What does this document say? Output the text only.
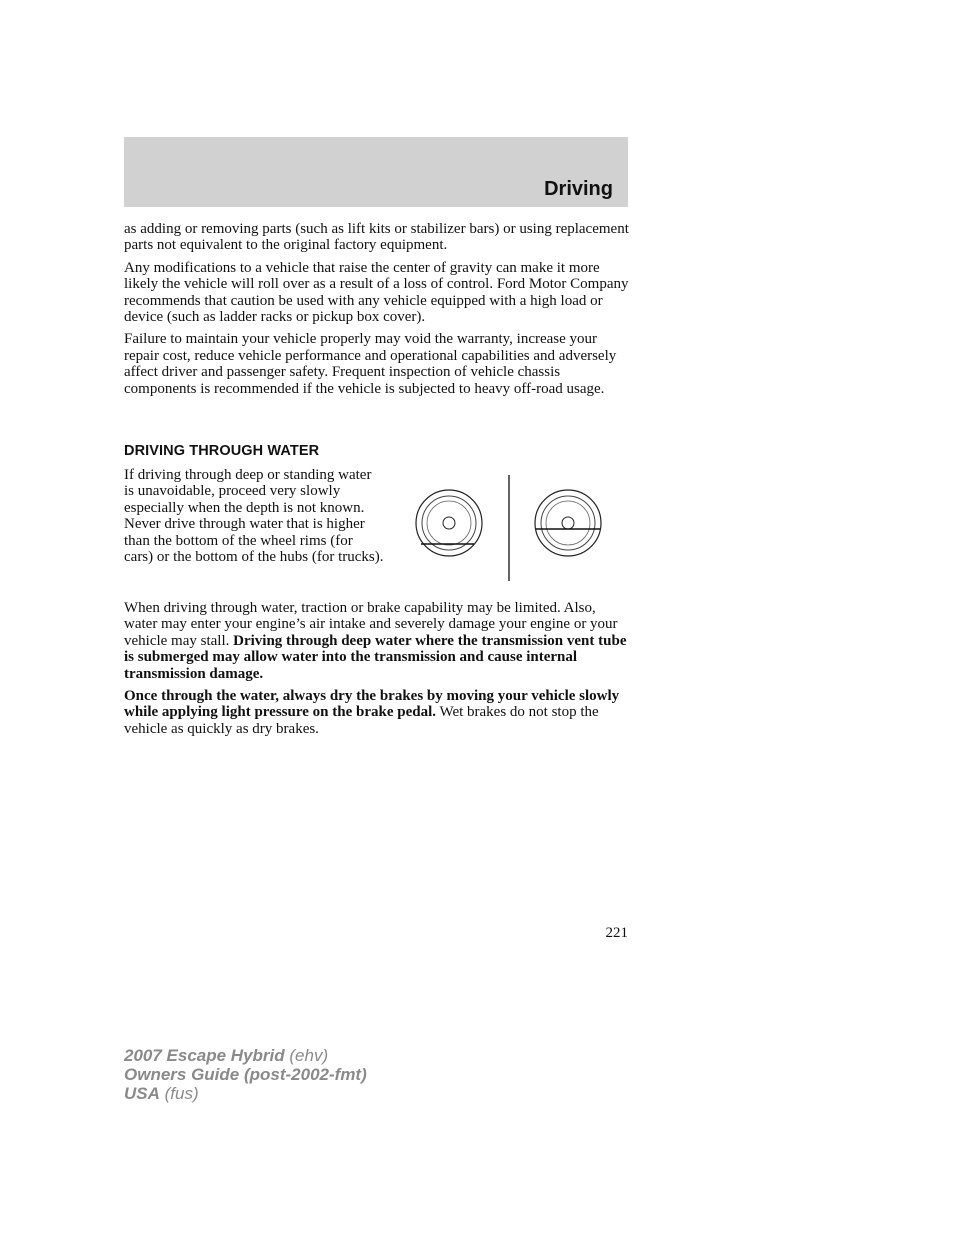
Driving

as adding or removing parts (such as lift kits or stabilizer bars) or using replacement parts not equivalent to the original factory equipment.

Any modifications to a vehicle that raise the center of gravity can make it more likely the vehicle will roll over as a result of a loss of control. Ford Motor Company recommends that caution be used with any vehicle equipped with a high load or device (such as ladder racks or pickup box cover).

Failure to maintain your vehicle properly may void the warranty, increase your repair cost, reduce vehicle performance and operational capabilities and adversely affect driver and passenger safety. Frequent inspection of vehicle chassis components is recommended if the vehicle is subjected to heavy off-road usage.

DRIVING THROUGH WATER
If driving through deep or standing water is unavoidable, proceed very slowly especially when the depth is not known. Never drive through water that is higher than the bottom of the wheel rims (for cars) or the bottom of the hubs (for trucks).

When driving through water, traction or brake capability may be limited. Also, water may enter your engine’s air intake and severely damage your engine or your vehicle may stall. Driving through deep water where the transmission vent tube is submerged may allow water into the transmission and cause internal transmission damage.

Once through the water, always dry the brakes by moving your vehicle slowly while applying light pressure on the brake pedal. Wet brakes do not stop the vehicle as quickly as dry brakes.

221
2007 Escape Hybrid (ehv)
Owners Guide (post-2002-fmt)
USA (fus)
